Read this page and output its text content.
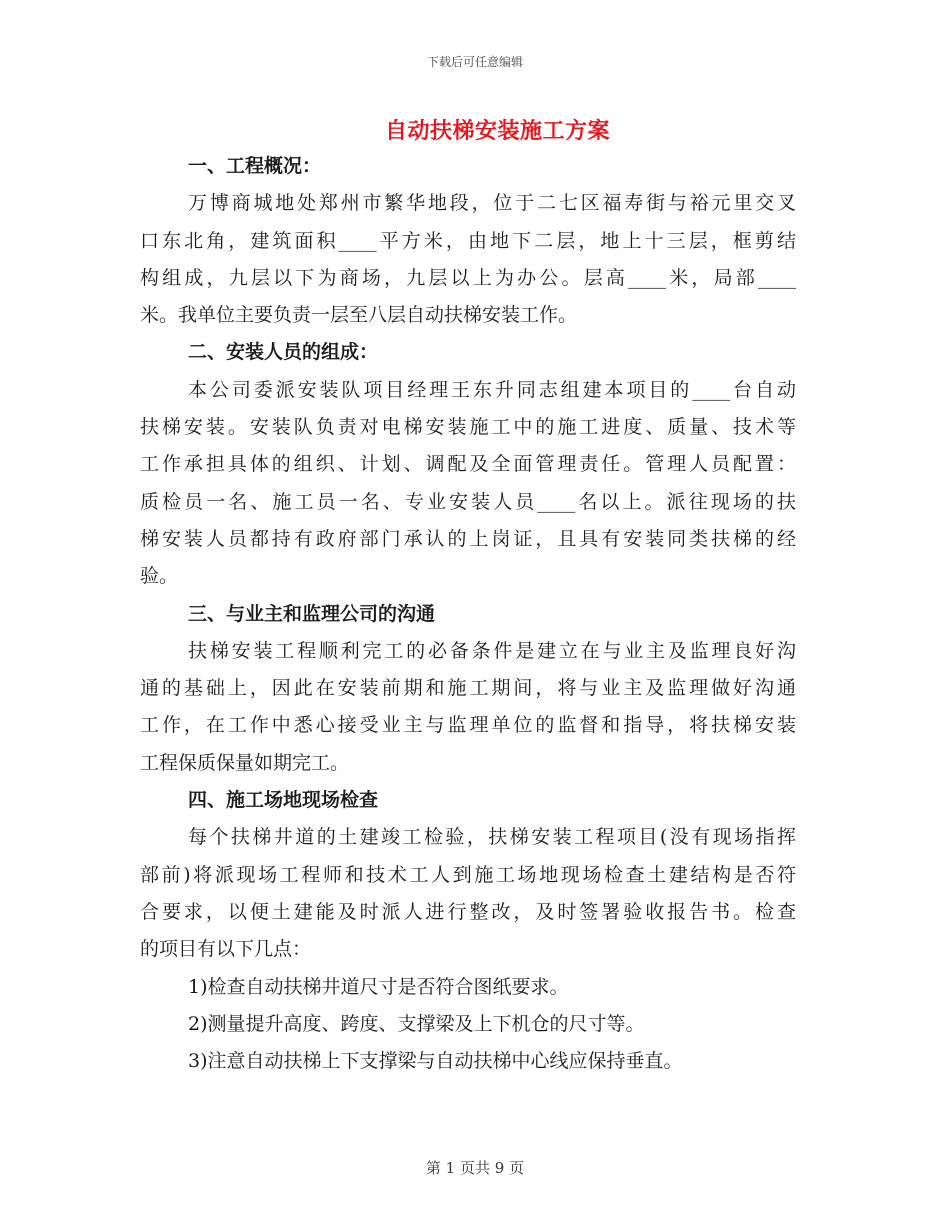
下载后可任意编辑
自动扶梯安装施工方案
一、工程概况：
万博商城地处郑州市繁华地段，位于二七区福寿街与裕元里交叉
口东北角，建筑面积____平方米，由地下二层，地上十三层，框剪结
构组成，九层以下为商场，九层以上为办公。层高____米，局部____
米。我单位主要负责一层至八层自动扶梯安装工作。
二、安装人员的组成：
本公司委派安装队项目经理王东升同志组建本项目的____台自动
扶梯安装。安装队负责对电梯安装施工中的施工进度、质量、技术等
工作承担具体的组织、计划、调配及全面管理责任。管理人员配置：
质检员一名、施工员一名、专业安装人员____名以上。派往现场的扶
梯安装人员都持有政府部门承认的上岗证，且具有安装同类扶梯的经
验。
三、与业主和监理公司的沟通
扶梯安装工程顺利完工的必备条件是建立在与业主及监理良好沟
通的基础上，因此在安装前期和施工期间，将与业主及监理做好沟通
工作，在工作中悉心接受业主与监理单位的监督和指导，将扶梯安装
工程保质保量如期完工。
四、施工场地现场检查
每个扶梯井道的土建竣工检验，扶梯安装工程项目(没有现场指挥
部前)将派现场工程师和技术工人到施工场地现场检查土建结构是否符
合要求，以便土建能及时派人进行整改，及时签署验收报告书。检查
的项目有以下几点：
1)检查自动扶梯井道尺寸是否符合图纸要求。
2)测量提升高度、跨度、支撑梁及上下机仓的尺寸等。
3)注意自动扶梯上下支撑梁与自动扶梯中心线应保持垂直。
第 1 页共 9 页
